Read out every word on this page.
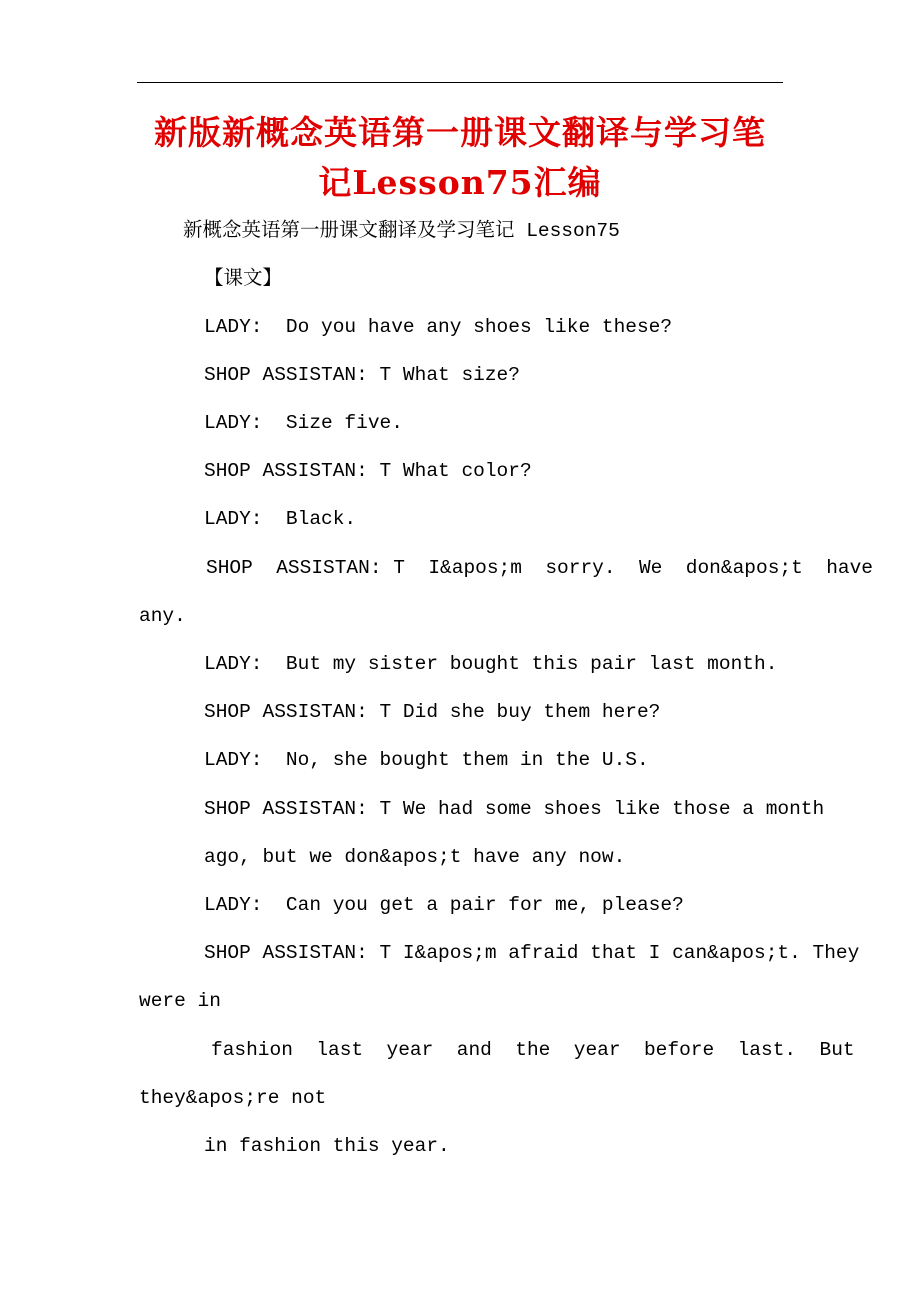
新版新概念英语第一册课文翻译与学习笔
记Lesson75汇编
新概念英语第一册课文翻译及学习笔记 Lesson75
【课文】
LADY:  Do you have any shoes like these?
SHOP ASSISTAN: T What size?
LADY:  Size five.
SHOP ASSISTAN: T What color?
LADY:  Black.
SHOP  ASSISTAN: T  I&apos;m  sorry.  We  don&apos;t  have
any.
LADY:  But my sister bought this pair last month.
SHOP ASSISTAN: T Did she buy them here?
LADY:  No, she bought them in the U.S.
SHOP ASSISTAN: T We had some shoes like those a month
ago, but we don&apos;t have any now.
LADY:  Can you get a pair for me, please?
SHOP ASSISTAN: T I&apos;m afraid that I can&apos;t. They
were in
fashion  last  year  and  the  year  before  last.  But
they&apos;re not
in fashion this year.
